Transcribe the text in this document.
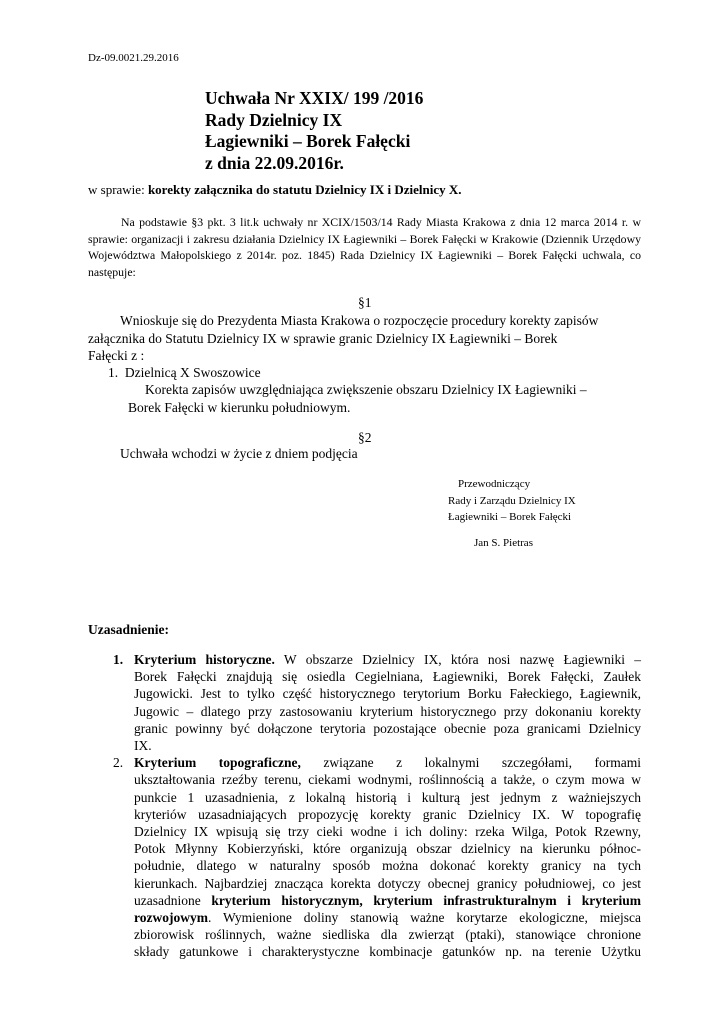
Dz-09.0021.29.2016
Uchwała Nr XXIX/ 199 /2016
Rady Dzielnicy IX
Łagiewniki – Borek Fałęcki
z dnia 22.09.2016r.
w sprawie: korekty załącznika do statutu Dzielnicy IX i Dzielnicy X.
Na podstawie §3 pkt. 3 lit.k uchwały nr XCIX/1503/14 Rady Miasta Krakowa z dnia 12 marca 2014 r. w sprawie: organizacji i zakresu działania Dzielnicy IX Łagiewniki – Borek Fałęcki w Krakowie (Dziennik Urzędowy Województwa Małopolskiego z 2014r. poz. 1845) Rada Dzielnicy IX Łagiewniki – Borek Fałęcki uchwala, co następuje:
§1
Wnioskuje się do Prezydenta Miasta Krakowa o rozpoczęcie procedury korekty zapisów
załącznika do Statutu Dzielnicy IX w sprawie granic Dzielnicy IX Łagiewniki – Borek
Fałęcki z :
1. Dzielnicą X Swoszowice
Korekta zapisów uwzględniająca zwiększenie obszaru Dzielnicy IX Łagiewniki –
Borek Fałęcki w kierunku południowym.
§2
Uchwała wchodzi w życie z dniem podjęcia
Przewodniczący
Rady i Zarządu Dzielnicy IX
Łagiewniki – Borek Fałęcki
Jan S. Pietras
Uzasadnienie:
1. Kryterium historyczne. W obszarze Dzielnicy IX, która nosi nazwę Łagiewniki –
Borek Fałęcki znajdują się osiedla Cegielniana, Łagiewniki, Borek Fałęcki, Zaułek
Jugowicki. Jest to tylko część historycznego terytorium Borku Fałeckiego, Łagiewnik,
Jugowic – dlatego przy zastosowaniu kryterium historycznego przy dokonaniu korekty
granic powinny być dołączone terytoria pozostające obecnie poza granicami Dzielnicy
IX.
2. Kryterium topograficzne, związane z lokalnymi szczegółami, formami
ukształtowania rzeźby terenu, ciekami wodnymi, roślinnością a także, o czym mowa w
punkcie 1 uzasadnienia, z lokalną historią i kulturą jest jednym z ważniejszych
kryteriów uzasadniających propozycję korekty granic Dzielnicy IX. W topografię
Dzielnicy IX wpisują się trzy cieki wodne i ich doliny: rzeka Wilga, Potok Rzewny,
Potok Młynny Kobierzyński, które organizują obszar dzielnicy na kierunku północ-
południe, dlatego w naturalny sposób można dokonać korekty granicy na tych
kierunkach. Najbardziej znacząca korekta dotyczy obecnej granicy południowej, co jest
uzasadnione kryterium historycznym, kryterium infrastrukturalnym i kryterium
rozwojowym. Wymienione doliny stanowią ważne korytarze ekologiczne, miejsca
zbiorowisk roślinnych, ważne siedliska dla zwierząt (ptaki), stanowiące chronione
składy gatunkowe i charakterystyczne kombinacje gatunków np. na terenie Użytku
